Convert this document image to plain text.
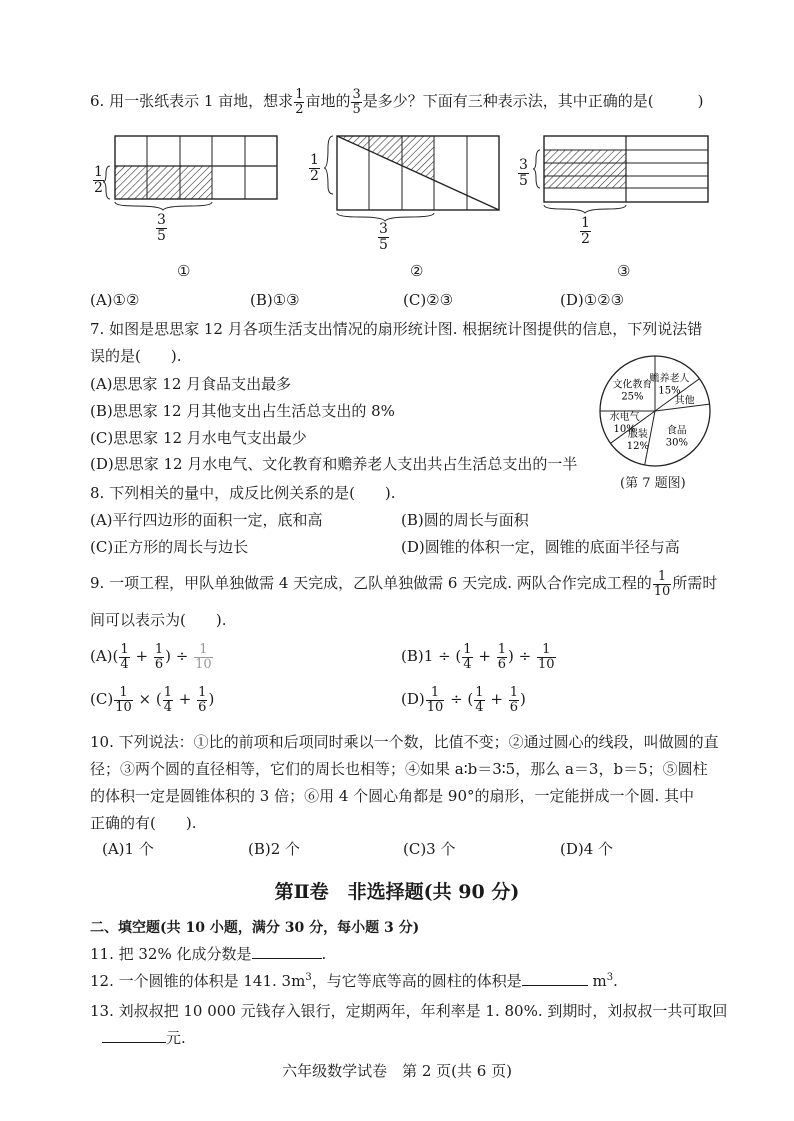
6. 用一张纸表示 1 亩地，想求 $\frac{1}{2}$ 亩地的 $\frac{3}{5}$ 是多少？下面有三种表示法，其中正确的是(	)
$\frac{1}{2}$
$\frac{3}{5}$
①
$\frac{1}{2}$
$\frac{3}{5}$
②
$\frac{3}{5}$
$\frac{1}{2}$
③
(A)①②	(B)①③	(C)②③	(D)①②③
7. 如图是思思家 12 月各项生活支出情况的扇形统计图. 根据统计图提供的信息，下列说法错
误的是(　　).
(A)思思家 12 月食品支出最多
(B)思思家 12 月其他支出占生活总支出的 8%
(C)思思家 12 月水电气支出最少
(D)思思家 12 月水电气、文化教育和赡养老人支出共占生活总支出的一半
赡养老人
15%
其他
食品
30%
服装
12%
水电气
10%
文化教育
25%
(第 7 题图)
8. 下列相关的量中，成反比例关系的是(　　).
(A)平行四边形的面积一定，底和高	(B)圆的周长与面积
(C)正方形的周长与边长	(D)圆锥的体积一定，圆锥的底面半径与高
9. 一项工程，甲队单独做需 4 天完成，乙队单独做需 6 天完成. 两队合作完成工程的 $\frac{1}{10}$ 所需时
间可以表示为(　　).
$(A)( \frac{1}{4} + \frac{1}{6}$ ) ÷ $\frac{1}{10}$	(B)1 ÷ ( $\frac{1}{4} + \frac{1}{6}$ ) ÷ $\frac{1}{10}$
$(C) \frac{1}{10}$ × ( $\frac{1}{4} + \frac{1}{6}$ )	$(D) \frac{1}{10}$ ÷ ( $\frac{1}{4} + \frac{1}{6}$ )
10. 下列说法：①比的前项和后项同时乘以一个数，比值不变；②通过圆心的线段，叫做圆的直
径；③两个圆的直径相等，它们的周长也相等；④如果 a∶b＝3∶5，那么 a＝3，b＝5；⑤圆柱
的体积一定是圆锥体积的 3 倍；⑥用 4 个圆心角都是 90°的扇形，一定能拼成一个圆. 其中
正确的有(　　).
(A)1 个	(B)2 个	(C)3 个	(D)4 个
第Ⅱ卷　非选择题(共 90 分)
二、填空题(共 10 小题，满分 30 分，每小题 3 分)
11. 把 32% 化成分数是	.
12. 一个圆锥的体积是 141. $3m^3$，与它等底等高的圆柱的体积是	$m^3$.
13. 刘叔叔把 10 000 元钱存入银行，定期两年，年利率是 1. 80%. 到期时，刘叔叔一共可取回
元.
六年级数学试卷　第 2 页(共 6 页)
